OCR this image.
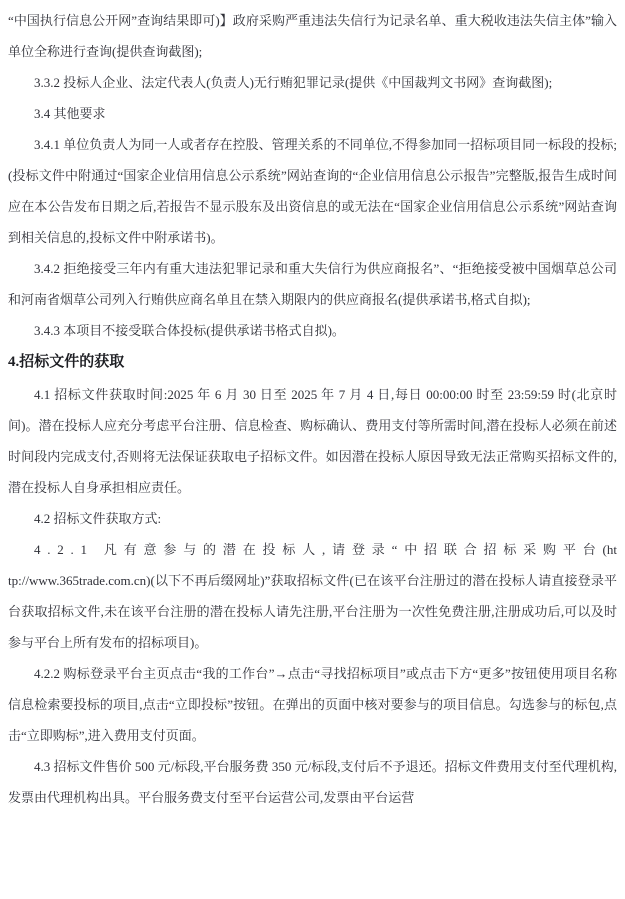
“中国执行信息公开网”查询结果即可)】政府采购严重违法失信行为记录名单、重大税收违法失信主体”输入单位全称进行查询(提供查询截图);

3.3.2 投标人企业、法定代表人(负责人)无行贿犯罪记录(提供《中国裁判文书网》查询截图);

3.4 其他要求

3.4.1 单位负责人为同一人或者存在控股、管理关系的不同单位,不得参加同一招标项目同一标段的投标;(投标文件中附通过“国家企业信用信息公示系统”网站查询的“企业信用信息公示报告”完整版,报告生成时间应在本公告发布日期之后,若报告不显示股东及出资信息的或无法在“国家企业信用信息公示系统”网站查询到相关信息的,投标文件中附承诺书)。

3.4.2 拒绝接受三年内有重大违法犯罪记录和重大失信行为供应商报名”、“拒绝接受被中国烟草总公司和河南省烟草公司列入行贿供应商名单且在禁入期限内的供应商报名(提供承诺书,格式自拟);

3.4.3 本项目不接受联合体投标(提供承诺书格式自拟)。

4.招标文件的获取

4.1 招标文件获取时间:2025 年 6 月 30 日至 2025 年 7 月 4 日,每日 00:00:00 时至 23:59:59 时(北京时间)。潜在投标人应充分考虑平台注册、信息检查、购标确认、费用支付等所需时间,潜在投标人必须在前述时间段内完成支付,否则将无法保证获取电子招标文件。如因潜在投标人原因导致无法正常购买招标文件的,潜在投标人自身承担相应责任。

4.2 招标文件获取方式:

4.2.1 凡有意参与的潜在投标人,请登录“中招联合招标采购平台(http://www.365trade.com.cn)(以下不再后缀网址)”获取招标文件(已在该平台注册过的潜在投标人请直接登录平台获取招标文件,未在该平台注册的潜在投标人请先注册,平台注册为一次性免费注册,注册成功后,可以及时参与平台上所有发布的招标项目)。

4.2.2 购标登录平台主页点击“我的工作台”→点击“寻找招标项目”或点击下方“更多”按钮使用项目名称信息检索要投标的项目,点击“立即投标”按钮。在弹出的页面中核对要参与的项目信息。勾选参与的标包,点击“立即购标”,进入费用支付页面。

4.3 招标文件售价 500 元/标段,平台服务费 350 元/标段,支付后不予退还。招标文件费用支付至代理机构,发票由代理机构出具。平台服务费支付至平台运营公司,发票由平台运营
